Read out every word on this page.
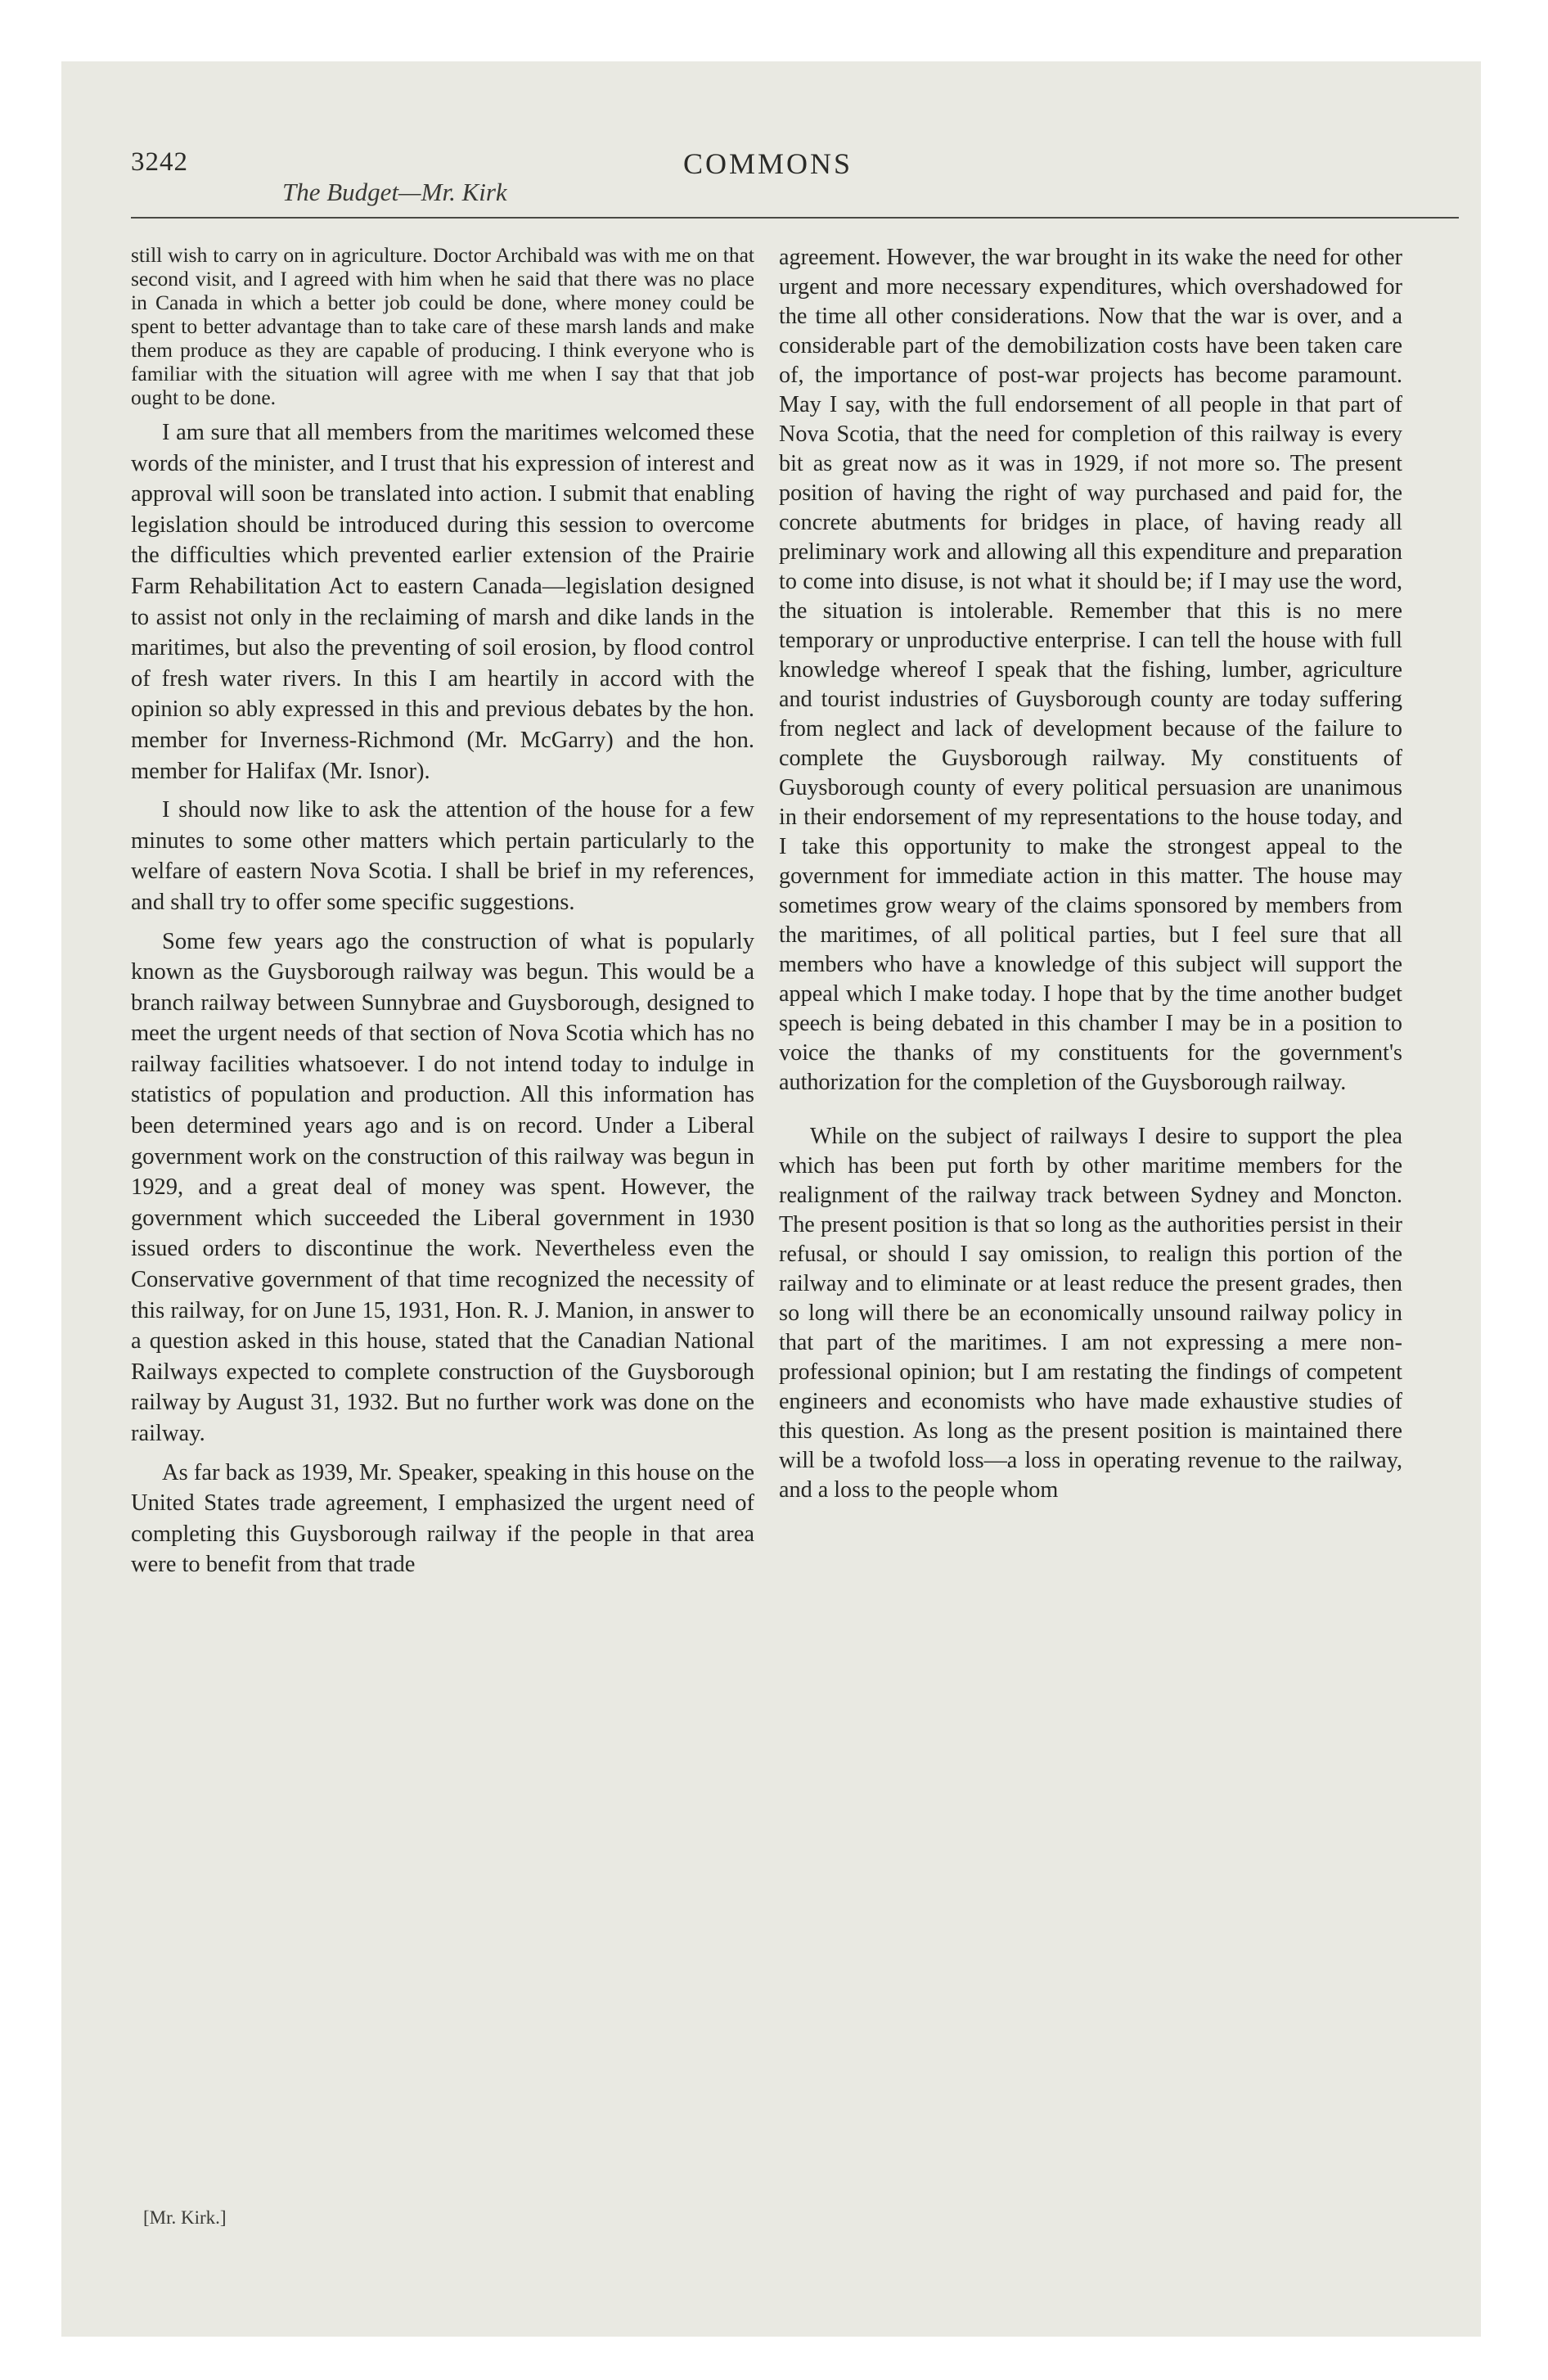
3242
The Budget—Mr. Kirk
COMMONS

still wish to carry on in agriculture. Doctor Archibald was with me on that second visit, and I agreed with him when he said that there was no place in Canada in which a better job could be done, where money could be spent to better advantage than to take care of these marsh lands and make them produce as they are capable of producing. I think everyone who is familiar with the situation will agree with me when I say that that job ought to be done.

I am sure that all members from the maritimes welcomed these words of the minister, and I trust that his expression of interest and approval will soon be translated into action. I submit that enabling legislation should be introduced during this session to overcome the difficulties which prevented earlier extension of the Prairie Farm Rehabilitation Act to eastern Canada—legislation designed to assist not only in the reclaiming of marsh and dike lands in the maritimes, but also the preventing of soil erosion, by flood control of fresh water rivers. In this I am heartily in accord with the opinion so ably expressed in this and previous debates by the hon. member for Inverness-Richmond (Mr. McGarry) and the hon. member for Halifax (Mr. Isnor).

I should now like to ask the attention of the house for a few minutes to some other matters which pertain particularly to the welfare of eastern Nova Scotia. I shall be brief in my references, and shall try to offer some specific suggestions.

Some few years ago the construction of what is popularly known as the Guysborough railway was begun. This would be a branch railway between Sunnybrae and Guysborough, designed to meet the urgent needs of that section of Nova Scotia which has no railway facilities whatsoever. I do not intend today to indulge in statistics of population and production. All this information has been determined years ago and is on record. Under a Liberal government work on the construction of this railway was begun in 1929, and a great deal of money was spent. However, the government which succeeded the Liberal government in 1930 issued orders to discontinue the work. Nevertheless even the Conservative government of that time recognized the necessity of this railway, for on June 15, 1931, Hon. R. J. Manion, in answer to a question asked in this house, stated that the Canadian National Railways expected to complete construction of the Guysborough railway by August 31, 1932. But no further work was done on the railway.

As far back as 1939, Mr. Speaker, speaking in this house on the United States trade agreement, I emphasized the urgent need of completing this Guysborough railway if the people in that area were to benefit from that trade

agreement. However, the war brought in its wake the need for other urgent and more necessary expenditures, which overshadowed for the time all other considerations. Now that the war is over, and a considerable part of the demobilization costs have been taken care of, the importance of post-war projects has become paramount. May I say, with the full endorsement of all people in that part of Nova Scotia, that the need for completion of this railway is every bit as great now as it was in 1929, if not more so. The present position of having the right of way purchased and paid for, the concrete abutments for bridges in place, of having ready all preliminary work and allowing all this expenditure and preparation to come into disuse, is not what it should be; if I may use the word, the situation is intolerable. Remember that this is no mere temporary or unproductive enterprise. I can tell the house with full knowledge whereof I speak that the fishing, lumber, agriculture and tourist industries of Guysborough county are today suffering from neglect and lack of development because of the failure to complete the Guysborough railway. My constituents of Guysborough county of every political persuasion are unanimous in their endorsement of my representations to the house today, and I take this opportunity to make the strongest appeal to the government for immediate action in this matter. The house may sometimes grow weary of the claims sponsored by members from the maritimes, of all political parties, but I feel sure that all members who have a knowledge of this subject will support the appeal which I make today. I hope that by the time another budget speech is being debated in this chamber I may be in a position to voice the thanks of my constituents for the government's authorization for the completion of the Guysborough railway.

While on the subject of railways I desire to support the plea which has been put forth by other maritime members for the realignment of the railway track between Sydney and Moncton. The present position is that so long as the authorities persist in their refusal, or should I say omission, to realign this portion of the railway and to eliminate or at least reduce the present grades, then so long will there be an economically unsound railway policy in that part of the maritimes. I am not expressing a mere non-professional opinion; but I am restating the findings of competent engineers and economists who have made exhaustive studies of this question. As long as the present position is maintained there will be a twofold loss—a loss in operating revenue to the railway, and a loss to the people whom

[Mr. Kirk.]
